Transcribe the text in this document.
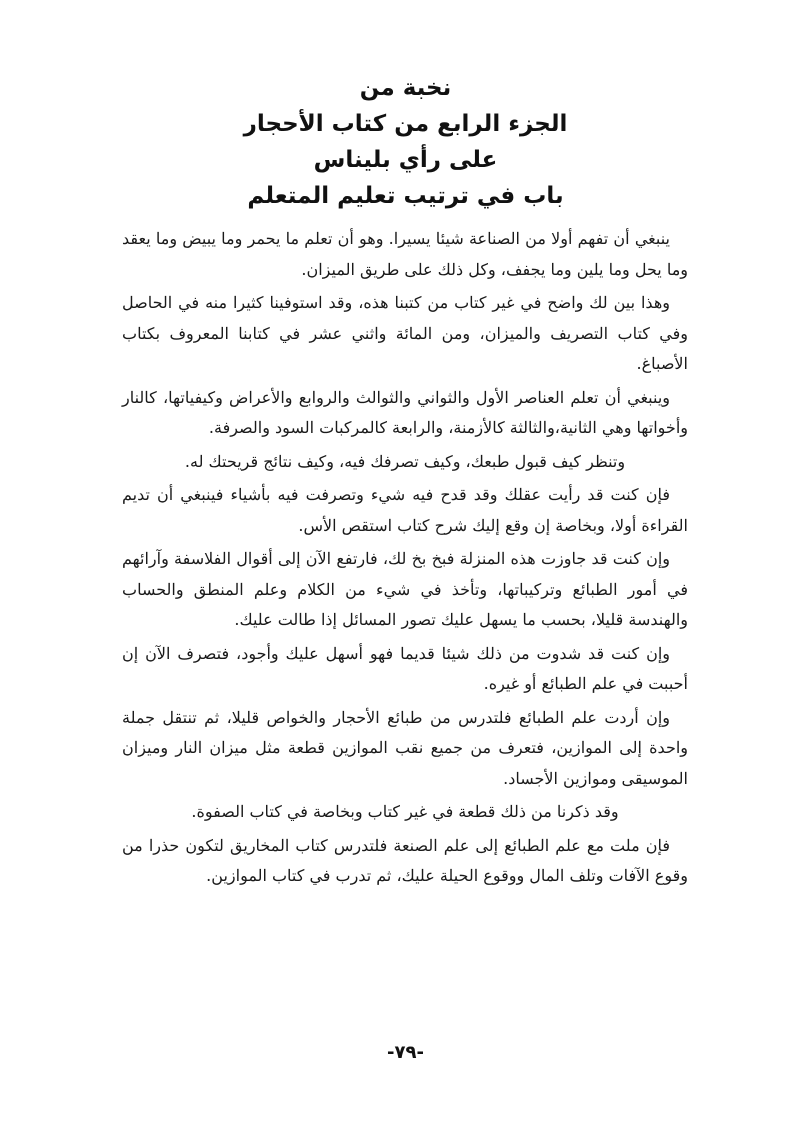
نخبة من
الجزء الرابع من كتاب الأحجار
على رأي بليناس
باب في ترتيب تعليم المتعلم

ينبغي أن تفهم أولا من الصناعة شيئا يسيرا. وهو أن تعلم ما يحمر وما يبيض وما يعقد وما يحل وما يلين وما يجفف، وكل ذلك على طريق الميزان.

وهذا بين لك واضح في غير كتاب من كتبنا هذه، وقد استوفينا كثيرا منه في الحاصل وفي كتاب التصريف والميزان، ومن المائة واثني عشر في كتابنا المعروف بكتاب الأصباغ.

وينبغي أن تعلم العناصر الأول والثواني والثوالث والروابع والأعراض وكيفياتها، كالنار وأخواتها وهي الثانية،والثالثة كالأزمنة، والرابعة كالمركبات السود والصرفة.

وتنظر كيف قبول طبعك، وكيف تصرفك فيه، وكيف نتائج قريحتك له.

فإن كنت قد رأيت عقلك وقد قدح فيه شيء وتصرفت فيه بأشياء فينبغي أن تديم القراءة أولا، وبخاصة إن وقع إليك شرح كتاب استقص الأس.

وإن كنت قد جاوزت هذه المنزلة فبخ بخ لك، فارتفع الآن إلى أقوال الفلاسفة وآرائهم في أمور الطبائع وتركيباتها، وتأخذ في شيء من الكلام وعلم المنطق والحساب والهندسة قليلا، بحسب ما يسهل عليك تصور المسائل إذا طالت عليك.

وإن كنت قد شدوت من ذلك شيئا قديما فهو أسهل عليك وأجود، فتصرف الآن إن أحببت في علم الطبائع أو غيره.

وإن أردت علم الطبائع فلتدرس من طبائع الأحجار والخواص قليلا، ثم تنتقل جملة واحدة إلى الموازين، فتعرف من جميع نقب الموازين قطعة مثل ميزان النار وميزان الموسيقى وموازين الأجساد.

وقد ذكرنا من ذلك قطعة في غير كتاب وبخاصة في كتاب الصفوة.

فإن ملت مع علم الطبائع إلى علم الصنعة فلتدرس كتاب المخاريق لتكون حذرا من وقوع الآفات وتلف المال ووقوع الحيلة عليك، ثم تدرب في كتاب الموازين.

-٧٩-
